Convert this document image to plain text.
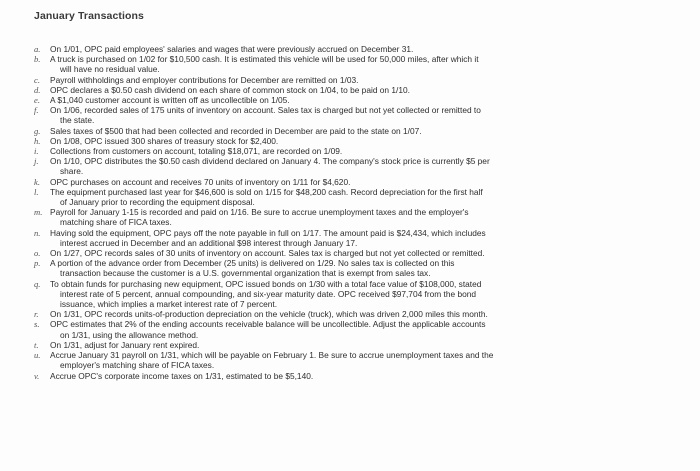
January Transactions
a.	On 1/01, OPC paid employees' salaries and wages that were previously accrued on December 31.
b.	A truck is purchased on 1/02 for $10,500 cash. It is estimated this vehicle will be used for 50,000 miles, after which it
will have no residual value.
c.	Payroll withholdings and employer contributions for December are remitted on 1/03.
d.	OPC declares a $0.50 cash dividend on each share of common stock on 1/04, to be paid on 1/10.
e.	A $1,040 customer account is written off as uncollectible on 1/05.
f.	On 1/06, recorded sales of 175 units of inventory on account. Sales tax is charged but not yet collected or remitted to
the state.
g.	Sales taxes of $500 that had been collected and recorded in December are paid to the state on 1/07.
h.	On 1/08, OPC issued 300 shares of treasury stock for $2,400.
i.	Collections from customers on account, totaling $18,071, are recorded on 1/09.
j.	On 1/10, OPC distributes the $0.50 cash dividend declared on January 4. The company's stock price is currently $5 per
share.
k.	OPC purchases on account and receives 70 units of inventory on 1/11 for $4,620.
l.	The equipment purchased last year for $46,600 is sold on 1/15 for $48,200 cash. Record depreciation for the first half
of January prior to recording the equipment disposal.
m. Payroll for January 1-15 is recorded and paid on 1/16. Be sure to accrue unemployment taxes and the employer's
matching share of FICA taxes.
n.	Having sold the equipment, OPC pays off the note payable in full on 1/17. The amount paid is $24,434, which includes
interest accrued in December and an additional $98 interest through January 17.
o.	On 1/27, OPC records sales of 30 units of inventory on account. Sales tax is charged but not yet collected or remitted.
p.	A portion of the advance order from December (25 units) is delivered on 1/29. No sales tax is collected on this
transaction because the customer is a U.S. governmental organization that is exempt from sales tax.
q.	To obtain funds for purchasing new equipment, OPC issued bonds on 1/30 with a total face value of $108,000, stated
interest rate of 5 percent, annual compounding, and six-year maturity date. OPC received $97,704 from the bond
issuance, which implies a market interest rate of 7 percent.
r.	On 1/31, OPC records units-of-production depreciation on the vehicle (truck), which was driven 2,000 miles this month.
s.	OPC estimates that 2% of the ending accounts receivable balance will be uncollectible. Adjust the applicable accounts
on 1/31, using the allowance method.
t.	On 1/31, adjust for January rent expired.
u.	Accrue January 31 payroll on 1/31, which will be payable on February 1. Be sure to accrue unemployment taxes and the
employer's matching share of FICA taxes.
v.	Accrue OPC's corporate income taxes on 1/31, estimated to be $5,140.
